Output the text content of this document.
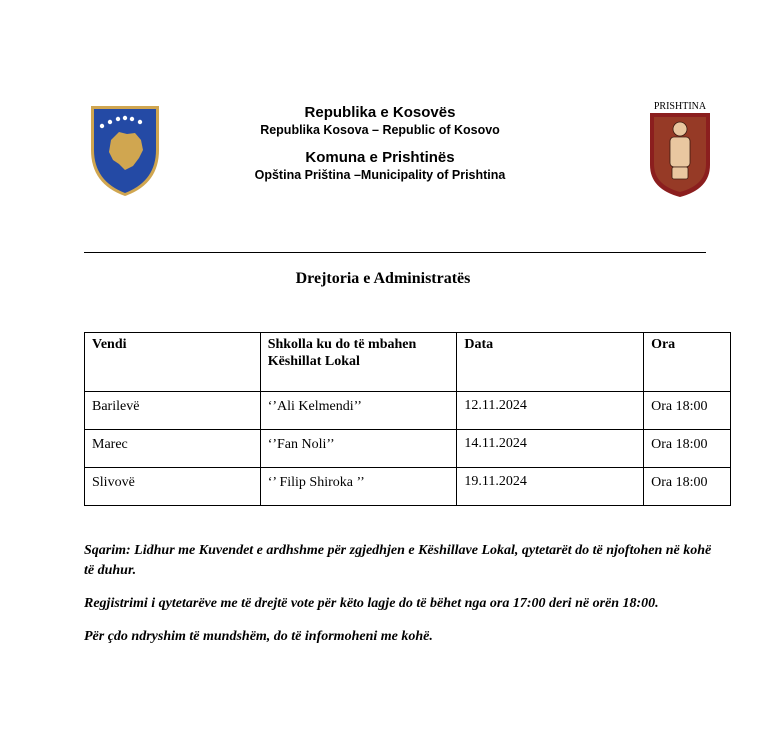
Republika e Kosovës
Republika Kosova – Republic of Kosovo
Komuna e Prishtinës
Opština Priština –Municipality of Prishtina
PRISHTINA
Drejtoria e Administratës
Vendi	Shkolla ku do të mbahen Këshillat Lokal	Data	Ora
Barilevë	‘’Ali Kelmendi’’	12.11.2024	Ora 18:00
Marec	‘’Fan Noli’’	14.11.2024	Ora 18:00
Slivovë	‘’ Filip Shiroka ’’	19.11.2024	Ora 18:00

Sqarim: Lidhur me Kuvendet e ardhshme për zgjedhjen e Këshillave Lokal, qytetarët do të njoftohen në kohë të duhur.

Regjistrimi i qytetarëve me të drejtë vote për këto lagje do të bëhet nga ora 17:00 deri në orën 18:00.

Për çdo ndryshim të mundshëm, do të informoheni me kohë.
